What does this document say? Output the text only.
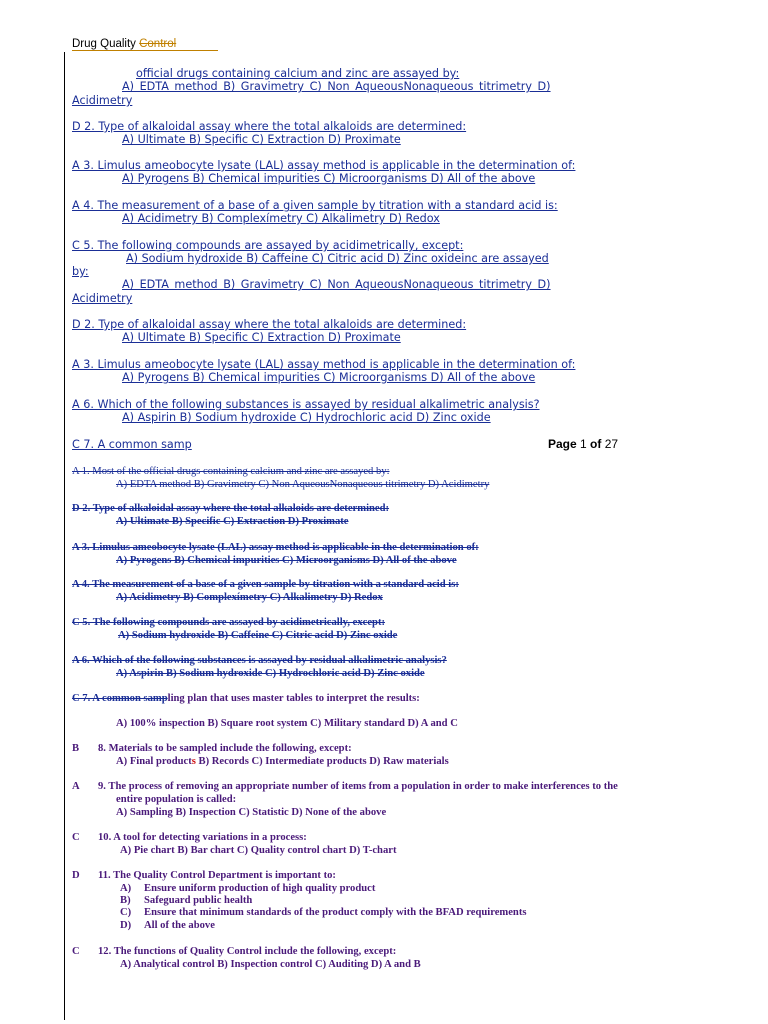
Drug Quality Control
official drugs containing calcium and zinc are assayed by:
A) EDTA method B) Gravimetry C) Non AqueousNonaqueous titrimetry D)
Acidimetry
D 2. Type of alkaloidal assay where the total alkaloids are determined:
A) Ultimate B) Specific C) Extraction D) Proximate
A 3. Limulus ameobocyte lysate (LAL) assay method is applicable in the determination of:
A) Pyrogens B) Chemical impurities C) Microorganisms D) All of the above
A 4. The measurement of a base of a given sample by titration with a standard acid is:
A) Acidimetry B) Complexímetry C) Alkalimetry D) Redox
C 5. The following compounds are assayed by acidimetrically, except:
A) Sodium hydroxide B) Caffeine C) Citric acid D) Zinc oxideinc are assayed
by:
A) EDTA method B) Gravimetry C) Non AqueousNonaqueous titrimetry D)
Acidimetry
D 2. Type of alkaloidal assay where the total alkaloids are determined:
A) Ultimate B) Specific C) Extraction D) Proximate
A 3. Limulus ameobocyte lysate (LAL) assay method is applicable in the determination of:
A) Pyrogens B) Chemical impurities C) Microorganisms D) All of the above
A 6. Which of the following substances is assayed by residual alkalimetric analysis?
A) Aspirin B) Sodium hydroxide C) Hydrochloric acid D) Zinc oxide
C 7. A common samp	Page 1 of 27
A 1. Most of the official drugs containing calcium and zinc are assayed by:
A) EDTA method B) Gravimetry C) Non AqueousNonaqueous titrimetry D) Acidimetry
D 2. Type of alkaloidal assay where the total alkaloids are determined:
A) Ultimate B) Specific C) Extraction D) Proximate
A 3. Limulus ameobocyte lysate (LAL) assay method is applicable in the determination of:
A) Pyrogens B) Chemical impurities C) Microorganisms D) All of the above
A 4. The measurement of a base of a given sample by titration with a standard acid is:
A) Acidimetry B) Complexímetry C) Alkalimetry D) Redox
C 5. The following compounds are assayed by acidimetrically, except:
A) Sodium hydroxide B) Caffeine C) Citric acid D) Zinc oxide
A 6. Which of the following substances is assayed by residual alkalimetric analysis?
A) Aspirin B) Sodium hydroxide C) Hydrochloric acid D) Zinc oxide
C 7. A common sampling plan that uses master tables to interpret the results:
A) 100% inspection B) Square root system C) Military standard D) A and C
B 8. Materials to be sampled include the following, except:
A) Final products B) Records C) Intermediate products D) Raw materials
A 9. The process of removing an appropriate number of items from a population in order to make interferences to the
entire population is called:
A) Sampling B) Inspection C) Statistic D) None of the above
C 10. A tool for detecting variations in a process:
A) Pie chart B) Bar chart C) Quality control chart D) T-chart
D 11. The Quality Control Department is important to:
A) Ensure uniform production of high quality product
B) Safeguard public health
C) Ensure that minimum standards of the product comply with the BFAD requirements
D) All of the above
C 12. The functions of Quality Control include the following, except:
A) Analytical control B) Inspection control C) Auditing D) A and B
